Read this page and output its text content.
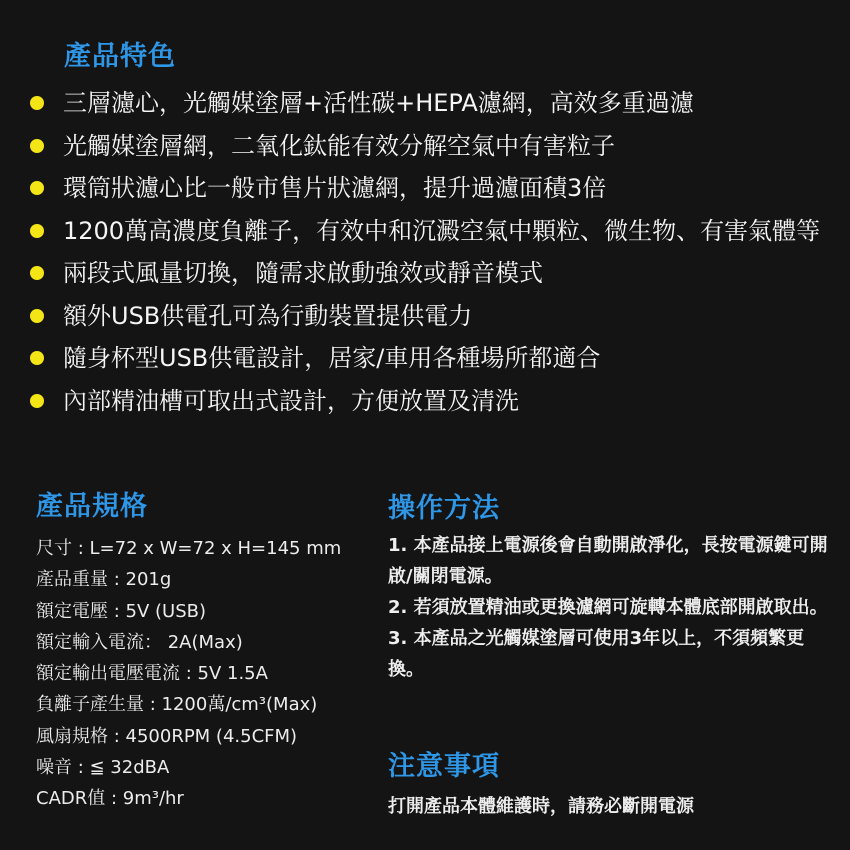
產品特色
三層濾心，光觸媒塗層+活性碳+HEPA濾網，高效多重過濾
光觸媒塗層網，二氧化鈦能有效分解空氣中有害粒子
環筒狀濾心比一般市售片狀濾網，提升過濾面積3倍
1200萬高濃度負離子，有效中和沉澱空氣中顆粒、微生物、有害氣體等
兩段式風量切換，隨需求啟動強效或靜音模式
額外USB供電孔可為行動裝置提供電力
隨身杯型USB供電設計，居家/車用各種場所都適合
內部精油槽可取出式設計，方便放置及清洗
產品規格
尺寸 : L=72 x W=72 x H=145 mm
產品重量 : 201g
額定電壓 : 5V (USB)
額定輸入電流： 2A(Max)
額定輸出電壓電流 : 5V 1.5A
負離子產生量 : 1200萬/cm³(Max)
風扇規格 : 4500RPM (4.5CFM)
噪音 : ≦ 32dBA
CADR值 : 9m³/hr
操作方法
1. 本產品接上電源後會自動開啟淨化，長按電源鍵可開啟/關閉電源。
2. 若須放置精油或更換濾網可旋轉本體底部開啟取出。
3. 本產品之光觸媒塗層可使用3年以上，不須頻繁更換。
注意事項

打開產品本體維護時，請務必斷開電源
